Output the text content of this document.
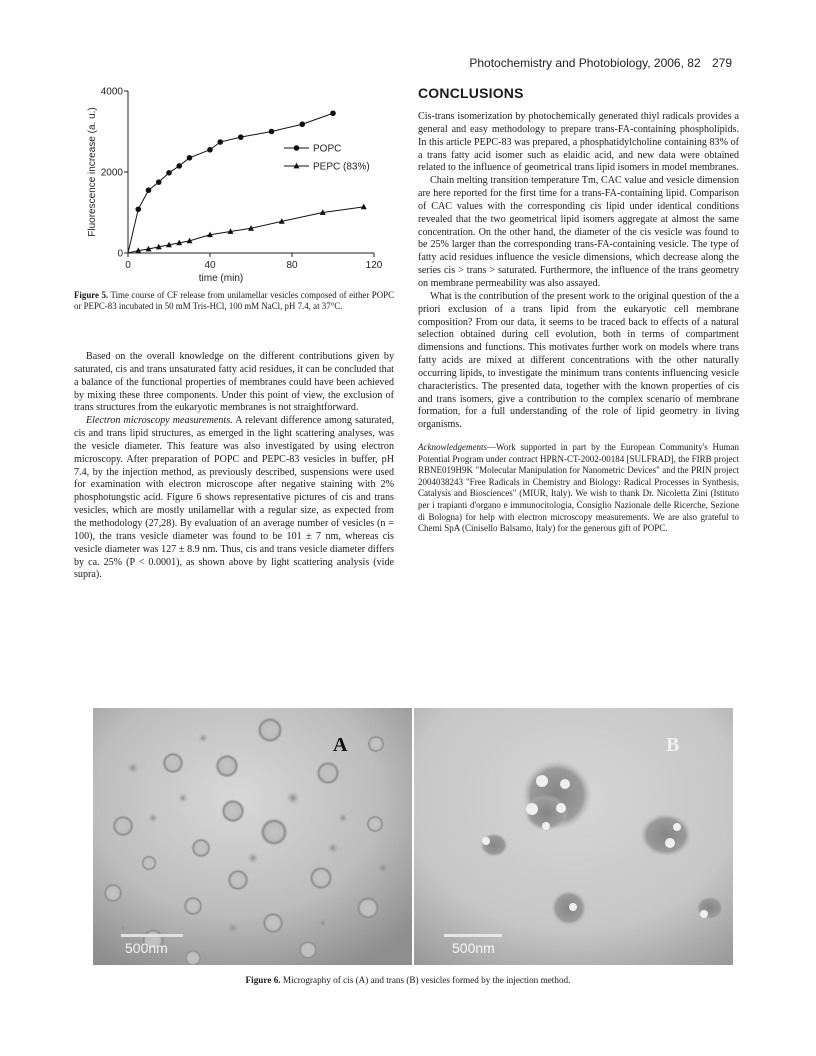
Photochemistry and Photobiology, 2006, 82 279
0	40	80	120
0
2000
4000
time (min)
Fluorescence increase (a. u.)	POPC
PEPC (83%)
Figure 5. Time course of CF release from unilamellar vesicles composed of either POPC or PEPC-83 incubated in 50 mM Tris-HCl, 100 mM NaCl, pH 7.4, at 37°C.

Based on the overall knowledge on the different contributions given by saturated, cis and trans unsaturated fatty acid residues, it can be concluded that a balance of the functional properties of membranes could have been achieved by mixing these three components. Under this point of view, the exclusion of trans structures from the eukaryotic membranes is not straightforward.

Electron microscopy measurements. A relevant difference among saturated, cis and trans lipid structures, as emerged in the light scattering analyses, was the vesicle diameter. This feature was also investigated by using electron microscopy. After preparation of POPC and PEPC-83 vesicles in buffer, pH 7.4, by the injection method, as previously described, suspensions were used for examination with electron microscope after negative staining with 2% phosphotungstic acid. Figure 6 shows representative pictures of cis and trans vesicles, which are mostly unilamellar with a regular size, as expected from the methodology (27,28). By evaluation of an average number of vesicles (n = 100), the trans vesicle diameter was found to be 101 ± 7 nm, whereas cis vesicle diameter was 127 ± 8.9 nm. Thus, cis and trans vesicle diameter differs by ca. 25% (P < 0.0001), as shown above by light scattering analysis (vide supra).

CONCLUSIONS

Cis-trans isomerization by photochemically generated thiyl radicals provides a general and easy methodology to prepare trans-FA-containing phospholipids. In this article PEPC-83 was prepared, a phosphatidylcholine containing 83% of a trans fatty acid isomer such as elaidic acid, and new data were obtained related to the influence of geometrical trans lipid isomers in model membranes.

Chain melting transition temperature Tm, CAC value and vesicle dimension are here reported for the first time for a trans-FA-containing lipid. Comparison of CAC values with the corresponding cis lipid under identical conditions revealed that the two geometrical lipid isomers aggregate at almost the same concentration. On the other hand, the diameter of the cis vesicle was found to be 25% larger than the corresponding trans-FA-containing vesicle. The type of fatty acid residues influence the vesicle dimensions, which decrease along the series cis > trans > saturated. Furthermore, the influence of the trans geometry on membrane permeability was also assayed.

What is the contribution of the present work to the original question of the a priori exclusion of a trans lipid from the eukaryotic cell membrane composition? From our data, it seems to be traced back to effects of a natural selection obtained during cell evolution, both in terms of compartment dimensions and functions. This motivates further work on models where trans fatty acids are mixed at different concentrations with the other naturally occurring lipids, to investigate the minimum trans contents influencing vesicle characteristics. The presented data, together with the known properties of cis and trans isomers, give a contribution to the complex scenario of membrane formation, for a full understanding of the role of lipid geometry in living organisms.

Acknowledgements—Work supported in part by the European Community's Human Potential Program under contract HPRN-CT-2002-00184 [SULFRAD], the FIRB project RBNE019H9K "Molecular Manipulation for Nanometric Devices" and the PRIN project 2004038243 "Free Radicals in Chemistry and Biology: Radical Processes in Synthesis, Catalysis and Biosciences" (MIUR, Italy). We wish to thank Dr. Nicoletta Zini (Istituto per i trapianti d'organo e immunocitologia, Consiglio Nazionale delle Ricerche, Sezione di Bologna) for help with electron microscopy measurements. We are also grateful to Chemi SpA (Cinisello Balsamo, Italy) for the generous gift of POPC.

A
500nm
B
500nm
Figure 6. Micrography of cis (A) and trans (B) vesicles formed by the injection method.
